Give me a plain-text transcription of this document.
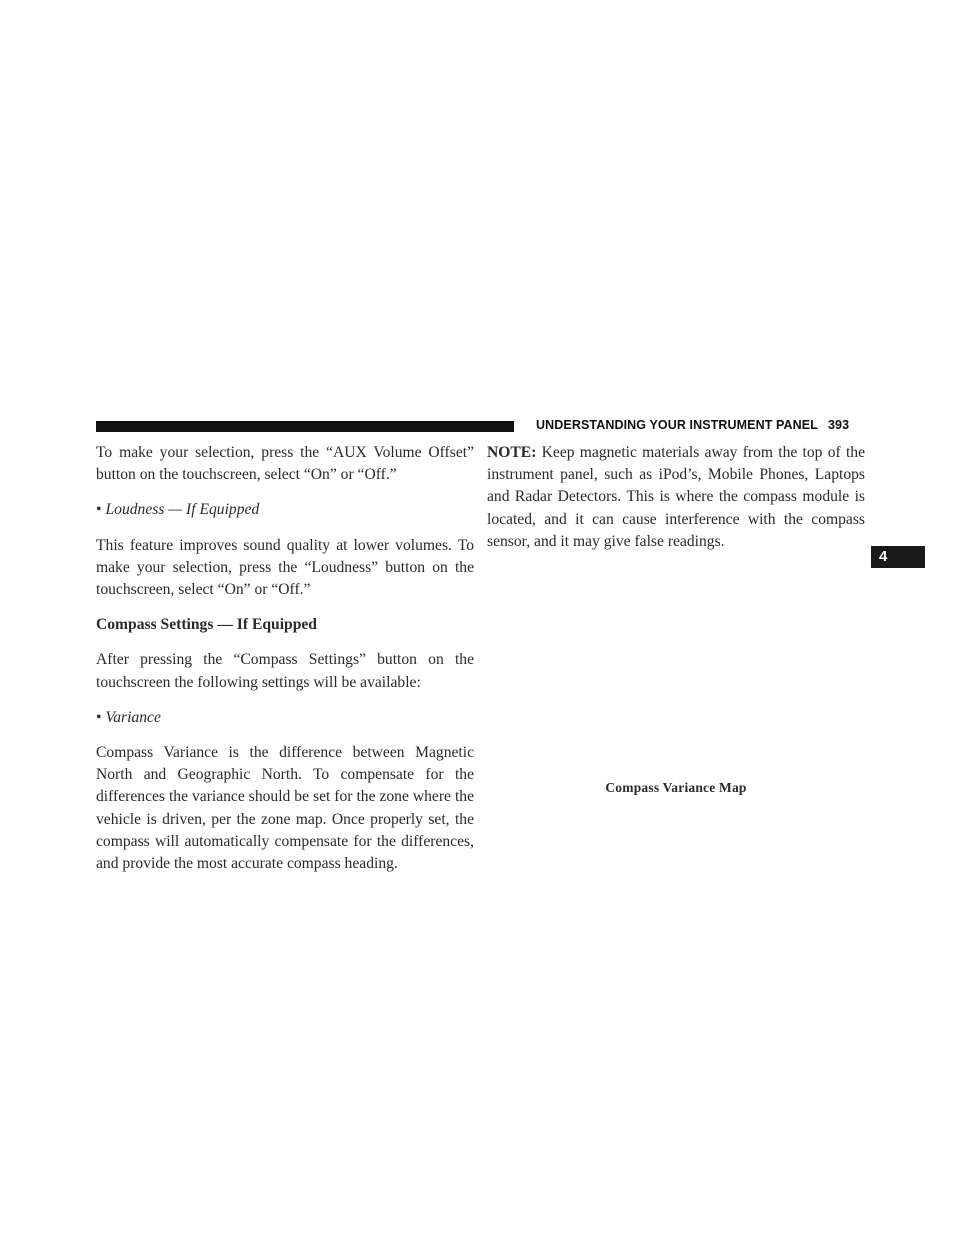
UNDERSTANDING YOUR INSTRUMENT PANEL 393

To make your selection, press the “AUX Volume Offset” button on the touchscreen, select “On” or “Off.”

• Loudness — If Equipped

This feature improves sound quality at lower volumes. To make your selection, press the “Loudness” button on the touchscreen, select “On” or “Off.”

Compass Settings — If Equipped

After pressing the “Compass Settings” button on the touchscreen the following settings will be available:

• Variance

Compass Variance is the difference between Magnetic North and Geographic North. To compensate for the differences the variance should be set for the zone where the vehicle is driven, per the zone map. Once properly set, the compass will automatically compensate for the differences, and provide the most accurate compass heading.

NOTE: Keep magnetic materials away from the top of the instrument panel, such as iPod’s, Mobile Phones, Laptops and Radar Detectors. This is where the compass module is located, and it can cause interference with the compass sensor, and it may give false readings.

Compass Variance Map
4
